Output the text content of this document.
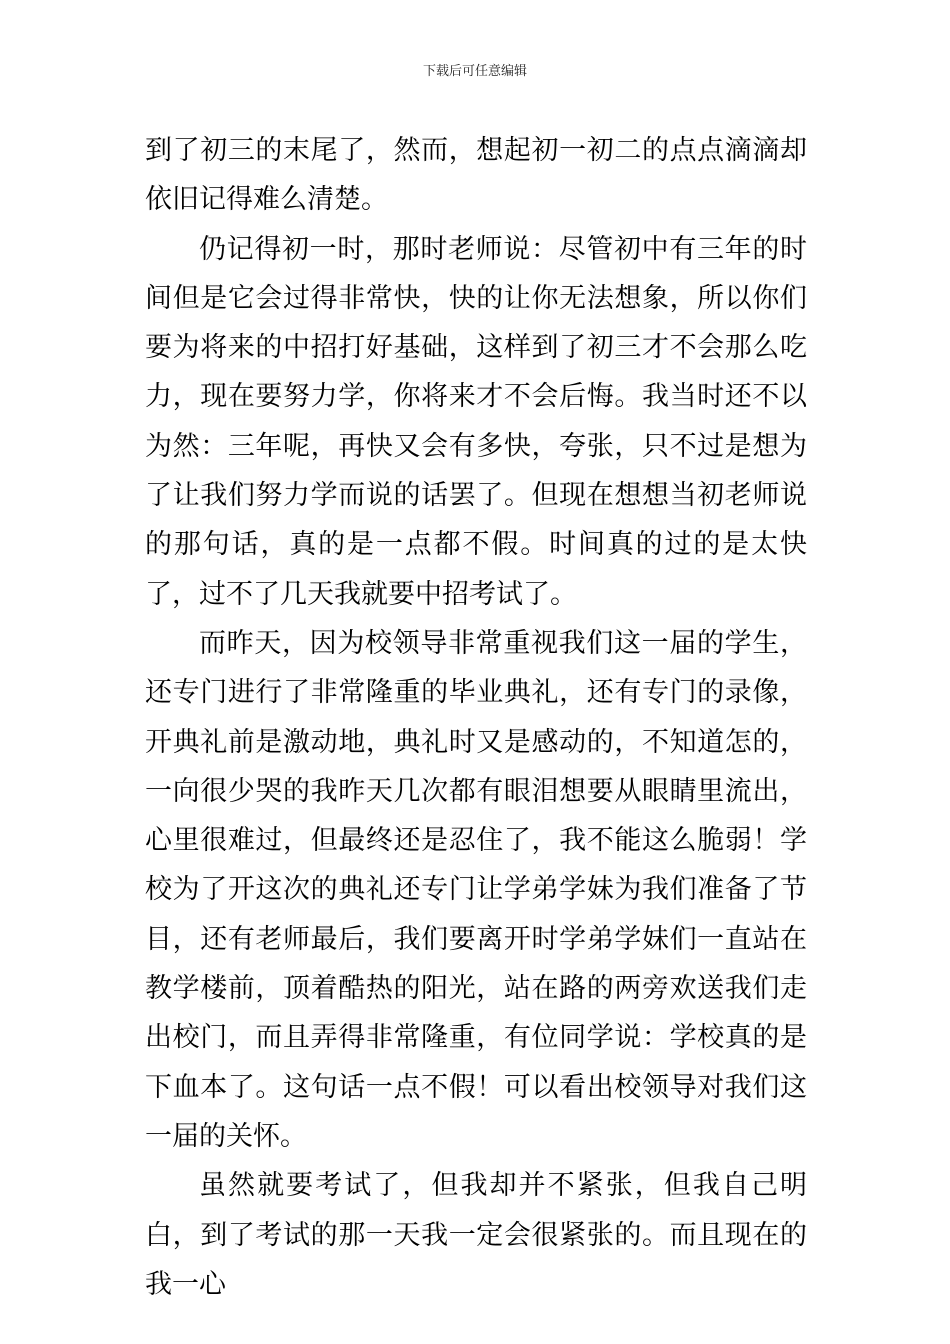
下载后可任意编辑

到了初三的末尾了，然而，想起初一初二的点点滴滴却依旧记得难么清楚。

仍记得初一时，那时老师说：尽管初中有三年的时间但是它会过得非常快，快的让你无法想象，所以你们要为将来的中招打好基础，这样到了初三才不会那么吃力，现在要努力学，你将来才不会后悔。我当时还不以为然：三年呢，再快又会有多快，夸张，只不过是想为了让我们努力学而说的话罢了。但现在想想当初老师说的那句话，真的是一点都不假。时间真的过的是太快了，过不了几天我就要中招考试了。

而昨天，因为校领导非常重视我们这一届的学生，还专门进行了非常隆重的毕业典礼，还有专门的录像，开典礼前是激动地，典礼时又是感动的，不知道怎的，一向很少哭的我昨天几次都有眼泪想要从眼睛里流出，心里很难过，但最终还是忍住了，我不能这么脆弱！学校为了开这次的典礼还专门让学弟学妹为我们准备了节目，还有老师最后，我们要离开时学弟学妹们一直站在教学楼前，顶着酷热的阳光，站在路的两旁欢送我们走出校门，而且弄得非常隆重，有位同学说：学校真的是下血本了。这句话一点不假！可以看出校领导对我们这一届的关怀。

虽然就要考试了，但我却并不紧张，但我自己明白，到了考试的那一天我一定会很紧张的。而且现在的我一心
